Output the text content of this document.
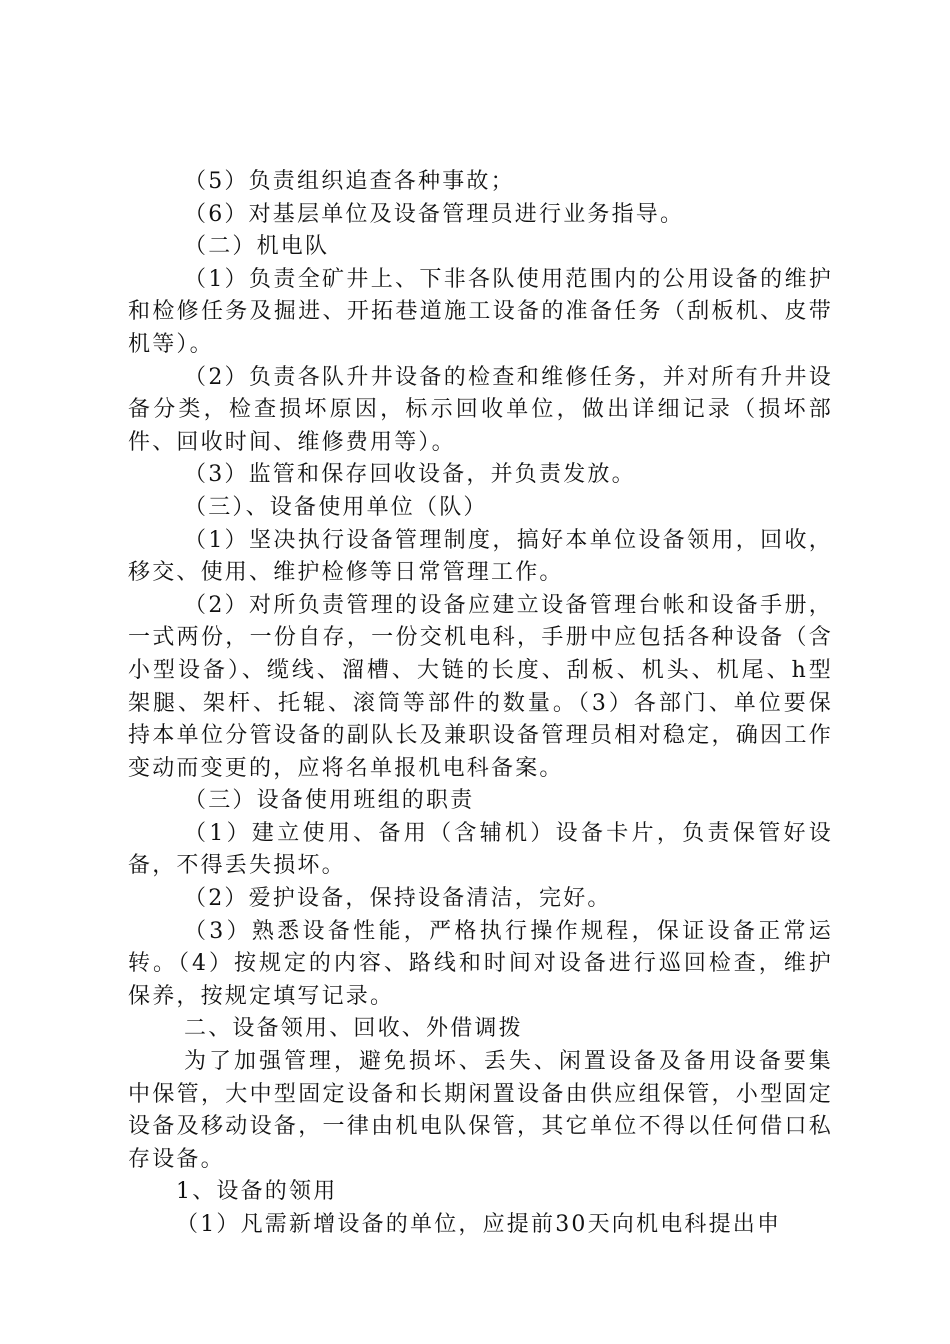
（5）负责组织追查各种事故；

（6）对基层单位及设备管理员进行业务指导。

（二）机电队

（1）负责全矿井上、下非各队使用范围内的公用设备的维护和检修任务及掘进、开拓巷道施工设备的准备任务（刮板机、皮带机等）。

（2）负责各队升井设备的检查和维修任务，并对所有升井设备分类，检查损坏原因，标示回收单位，做出详细记录（损坏部件、回收时间、维修费用等）。

（3）监管和保存回收设备，并负责发放。

（三）、设备使用单位（队）

（1）坚决执行设备管理制度，搞好本单位设备领用，回收，移交、使用、维护检修等日常管理工作。

（2）对所负责管理的设备应建立设备管理台帐和设备手册，一式两份，一份自存，一份交机电科，手册中应包括各种设备（含小型设备）、缆线、溜槽、大链的长度、刮板、机头、机尾、h型架腿、架杆、托辊、滚筒等部件的数量。（3）各部门、单位要保持本单位分管设备的副队长及兼职设备管理员相对稳定，确因工作变动而变更的，应将名单报机电科备案。

（三）设备使用班组的职责

（1）建立使用、备用（含辅机）设备卡片，负责保管好设备，不得丢失损坏。

（2）爱护设备，保持设备清洁，完好。

（3）熟悉设备性能，严格执行操作规程，保证设备正常运转。（4）按规定的内容、路线和时间对设备进行巡回检查，维护保养，按规定填写记录。

二、设备领用、回收、外借调拨

为了加强管理，避免损坏、丢失、闲置设备及备用设备要集中保管，大中型固定设备和长期闲置设备由供应组保管，小型固定设备及移动设备，一律由机电队保管，其它单位不得以任何借口私存设备。

1、设备的领用

（1）凡需新增设备的单位，应提前30天向机电科提出申
